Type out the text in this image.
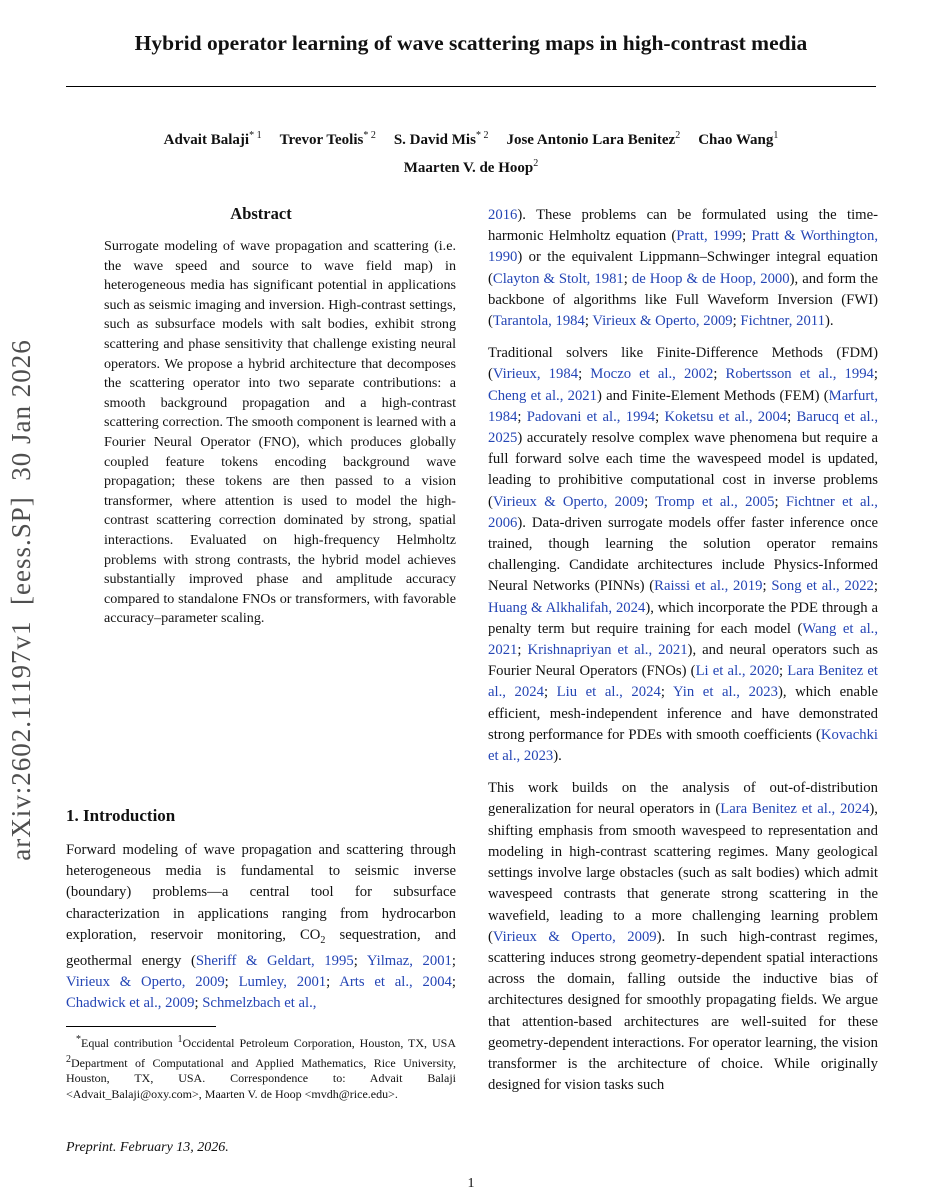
arXiv:2602.11197v1  [eess.SP]  30 Jan 2026
Hybrid operator learning of wave scattering maps in high-contrast media
Advait Balaji$^{* 1}$ Trevor Teolis$^{* 2}$ S. David Mis$^{* 2}$ Jose Antonio Lara Benitez$^2$ Chao Wang$^1$
Maarten V. de Hoop$^2$
Abstract
Surrogate modeling of wave propagation and scattering (i.e. the wave speed and source to wave field map) in heterogeneous media has significant potential in applications such as seismic imaging and inversion. High-contrast settings, such as subsurface models with salt bodies, exhibit strong scattering and phase sensitivity that challenge existing neural operators. We propose a hybrid architecture that decomposes the scattering operator into two separate contributions: a smooth background propagation and a high-contrast scattering correction. The smooth component is learned with a Fourier Neural Operator (FNO), which produces globally coupled feature tokens encoding background wave propagation; these tokens are then passed to a vision transformer, where attention is used to model the high-contrast scattering correction dominated by strong, spatial interactions. Evaluated on high-frequency Helmholtz problems with strong contrasts, the hybrid model achieves substantially improved phase and amplitude accuracy compared to standalone FNOs or transformers, with favorable accuracy–parameter scaling.
1. Introduction
Forward modeling of wave propagation and scattering through heterogeneous media is fundamental to seismic inverse (boundary) problems—a central tool for subsurface characterization in applications ranging from hydrocarbon exploration, reservoir monitoring, $CO_2$ sequestration, and geothermal energy (Sheriff & Geldart, 1995; Yilmaz, 2001; Virieux & Operto, 2009; Lumley, 2001; Arts et al., 2004; Chadwick et al., 2009; Schmelzbach et al.,
*Equal contribution $^1$Occidental Petroleum Corporation, Houston, TX, USA $^2$Department of Computational and Applied Mathematics, Rice University, Houston, TX, USA. Correspondence to: Advait Balaji <Advait_Balaji@oxy.com>, Maarten V. de Hoop <mvdh@rice.edu>.
Preprint. February 13, 2026.
2016). These problems can be formulated using the time-harmonic Helmholtz equation (Pratt, 1999; Pratt & Worthington, 1990) or the equivalent Lippmann–Schwinger integral equation (Clayton & Stolt, 1981; de Hoop & de Hoop, 2000), and form the backbone of algorithms like Full Waveform Inversion (FWI) (Tarantola, 1984; Virieux & Operto, 2009; Fichtner, 2011).
Traditional solvers like Finite-Difference Methods (FDM) (Virieux, 1984; Moczo et al., 2002; Robertsson et al., 1994; Cheng et al., 2021) and Finite-Element Methods (FEM) (Marfurt, 1984; Padovani et al., 1994; Koketsu et al., 2004; Barucq et al., 2025) accurately resolve complex wave phenomena but require a full forward solve each time the wavespeed model is updated, leading to prohibitive computational cost in inverse problems (Virieux & Operto, 2009; Tromp et al., 2005; Fichtner et al., 2006). Data-driven surrogate models offer faster inference once trained, though learning the solution operator remains challenging. Candidate architectures include Physics-Informed Neural Networks (PINNs) (Raissi et al., 2019; Song et al., 2022; Huang & Alkhalifah, 2024), which incorporate the PDE through a penalty term but require training for each model (Wang et al., 2021; Krishnapriyan et al., 2021), and neural operators such as Fourier Neural Operators (FNOs) (Li et al., 2020; Lara Benitez et al., 2024; Liu et al., 2024; Yin et al., 2023), which enable efficient, mesh-independent inference and have demonstrated strong performance for PDEs with smooth coefficients (Kovachki et al., 2023).
This work builds on the analysis of out-of-distribution generalization for neural operators in (Lara Benitez et al., 2024), shifting emphasis from smooth wavespeed to representation and modeling in high-contrast scattering regimes. Many geological settings involve large obstacles (such as salt bodies) which admit wavespeed contrasts that generate strong scattering in the wavefield, leading to a more challenging learning problem (Virieux & Operto, 2009). In such high-contrast regimes, scattering induces strong geometry-dependent spatial interactions across the domain, falling outside the inductive bias of architectures designed for smoothly propagating fields. We argue that attention-based architectures are well-suited for these geometry-dependent interactions. For operator learning, the vision transformer is the architecture of choice. While originally designed for vision tasks such
1
